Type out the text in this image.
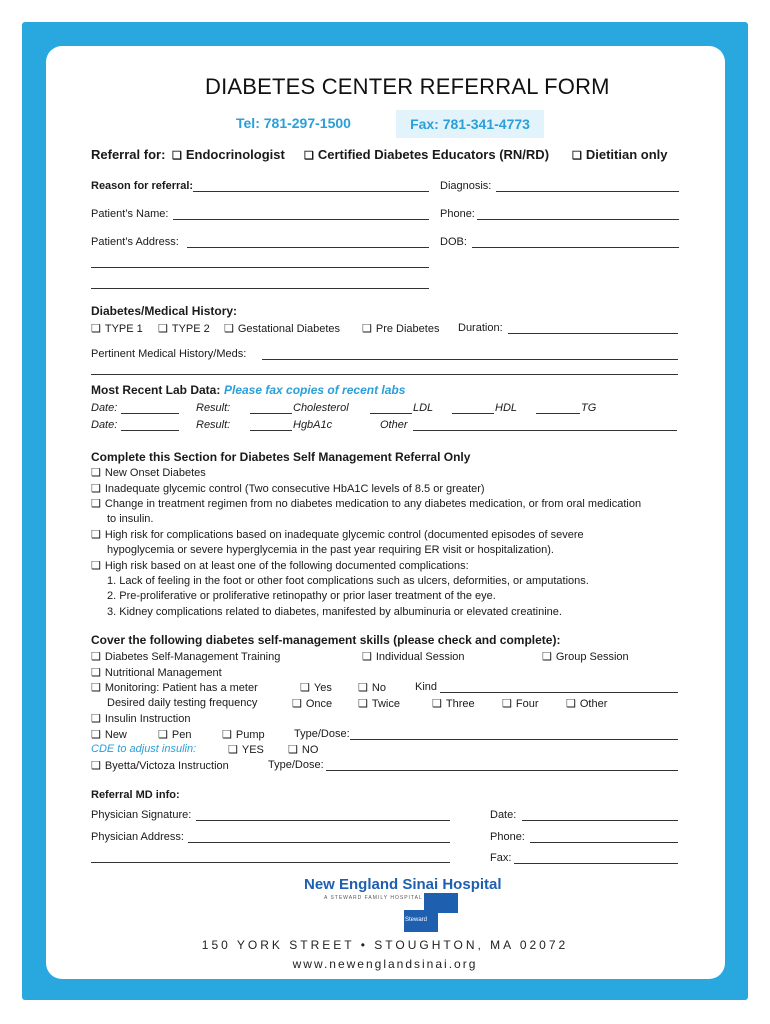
DIABETES CENTER REFERRAL FORM
Tel: 781-297-1500	Fax: 781-341-4773
Referral for:	❑ Endocrinologist	❑ Certified Diabetes Educators (RN/RD)	❑ Dietitian only
Reason for referral:	Diagnosis:
Patient’s Name:	Phone:
Patient’s Address:	DOB:
Diabetes/Medical History:
❑ TYPE 1	❑ TYPE 2	❑ Gestational Diabetes	❑ Pre Diabetes Duration:
Pertinent Medical History/Meds:
Most Recent Lab Data: Please fax copies of recent labs
Date:	Result:	Cholesterol	LDL	HDL	TG
Date:	Result:	HgbA1c	Other
Complete this Section for Diabetes Self Management Referral Only
❑ New Onset Diabetes
❑ Inadequate glycemic control (Two consecutive HbA1C levels of 8.5 or greater)
❑ Change in treatment regimen from no diabetes medication to any diabetes medication, or from oral medication
to insulin.
❑ High risk for complications based on inadequate glycemic control (documented episodes of severe
hypoglycemia or severe hyperglycemia in the past year requiring ER visit or hospitalization).
❑ High risk based on at least one of the following documented complications:
1. Lack of feeling in the foot or other foot complications such as ulcers, deformities, or amputations.
2. Pre-proliferative or proliferative retinopathy or prior laser treatment of the eye.
3. Kidney complications related to diabetes, manifested by albuminuria or elevated creatinine.
Cover the following diabetes self-management skills (please check and complete):
❑ Diabetes Self-Management Training	❑ Individual Session	❑ Group Session
❑ Nutritional Management
❑ Monitoring: Patient has a meter	❑ Yes	❑ No	Kind
Desired daily testing frequency	❑ Once	❑ Twice	❑ Three	❑ Four	❑ Other
❑ Insulin Instruction
❑ New	❑ Pen	❑ Pump	Type/Dose:
CDE to adjust insulin:	❑ YES	❑ NO
❑ Byetta/Victoza Instruction	Type/Dose:
Referral MD info:
Physician Signature:	Date:
Physician Address:	Phone:
Fax:
New England Sinai Hospital
A STEWARD FAMILY HOSPITAL
Steward
150 YORK STREET • STOUGHTON, MA 02072
www.newenglandsinai.org
